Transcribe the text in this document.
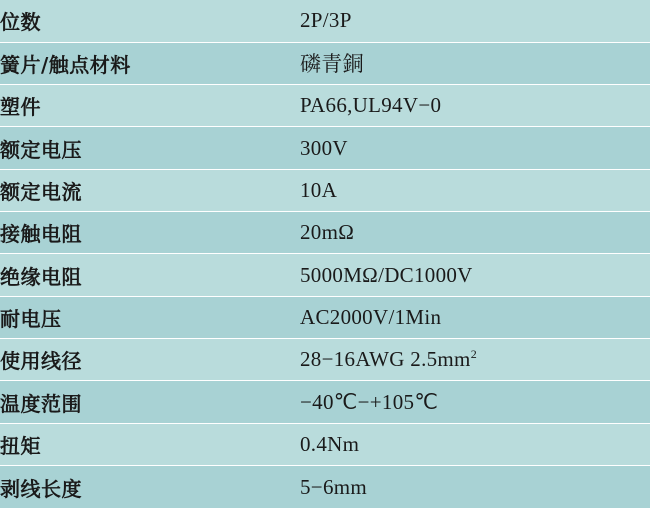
位数	2P/3P
簧片/触点材料	磷青銅
塑件	PA66,UL94V−0
额定电压	300V
额定电流	10A
接触电阻	20mΩ
绝缘电阻	5000MΩ/DC1000V
耐电压	AC2000V/1Min
使用线径	28−16AWG $2.5mm^2$
温度范围	−40℃−+105℃
扭矩	0.4Nm
剥线长度	5−6mm
